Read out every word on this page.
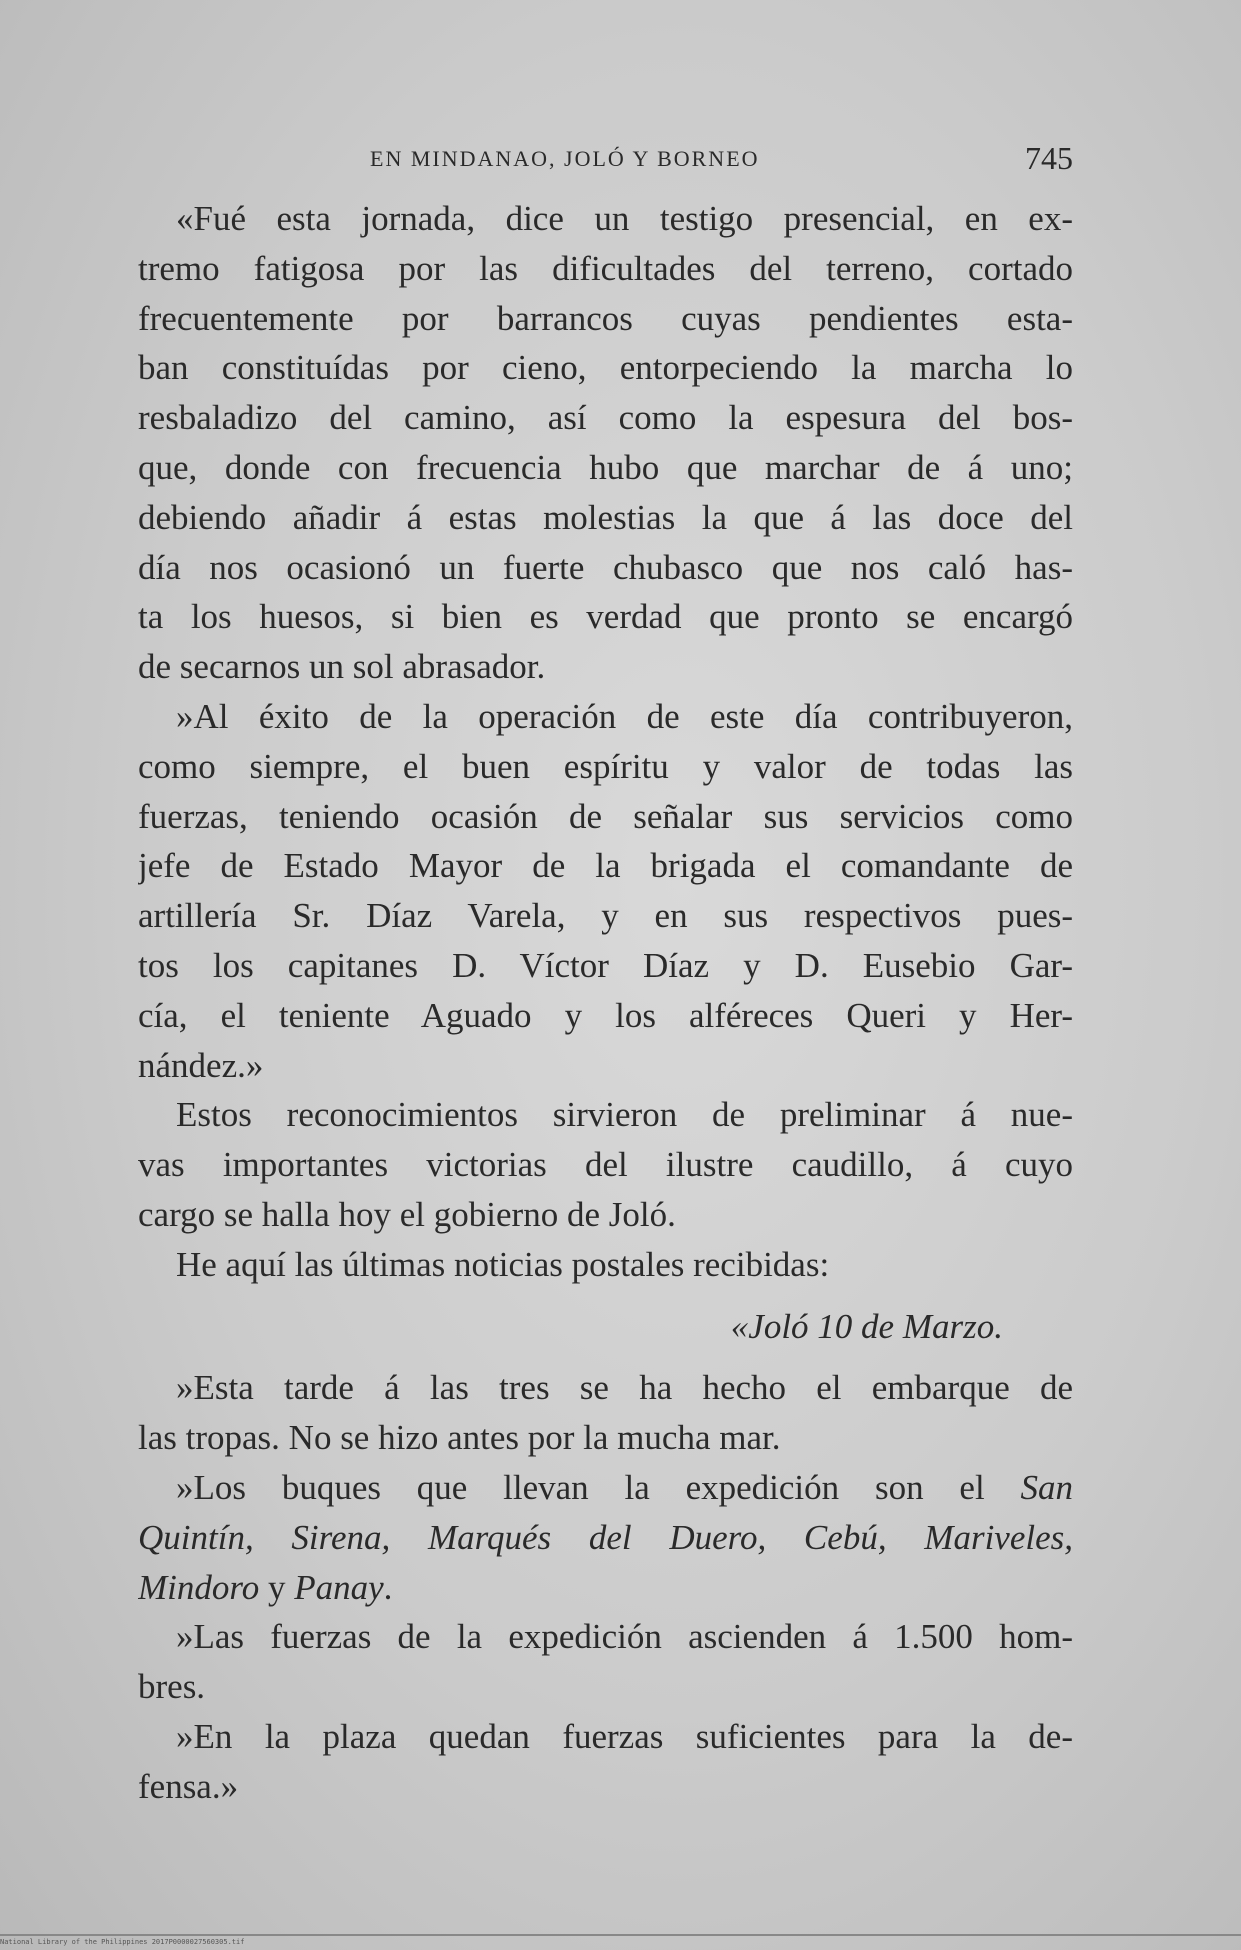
EN MINDANAO, JOLÓ Y BORNEO	745
«Fué esta jornada, dice un testigo presencial, en ex-
tremo fatigosa por las dificultades del terreno, cortado
frecuentemente por barrancos cuyas pendientes esta-
ban constituídas por cieno, entorpeciendo la marcha lo
resbaladizo del camino, así como la espesura del bos-
que, donde con frecuencia hubo que marchar de á uno;
debiendo añadir á estas molestias la que á las doce del
día nos ocasionó un fuerte chubasco que nos caló has-
ta los huesos, si bien es verdad que pronto se encargó
de secarnos un sol abrasador.
»Al éxito de la operación de este día contribuyeron,
como siempre, el buen espíritu y valor de todas las
fuerzas, teniendo ocasión de señalar sus servicios como
jefe de Estado Mayor de la brigada el comandante de
artillería Sr. Díaz Varela, y en sus respectivos pues-
tos los capitanes D. Víctor Díaz y D. Eusebio Gar-
cía, el teniente Aguado y los alféreces Queri y Her-
nández.»
Estos reconocimientos sirvieron de preliminar á nue-
vas importantes victorias del ilustre caudillo, á cuyo
cargo se halla hoy el gobierno de Joló.
He aquí las últimas noticias postales recibidas:
«Joló 10 de Marzo.
»Esta tarde á las tres se ha hecho el embarque de
las tropas. No se hizo antes por la mucha mar.
»Los buques que llevan la expedición son el San
Quintín, Sirena, Marqués del Duero, Cebú, Mariveles,
Mindoro y Panay.
»Las fuerzas de la expedición ascienden á 1.500 hom-
bres.
»En la plaza quedan fuerzas suficientes para la de-
fensa.»
National Library of the Philippines 2017P0000027560305.tif
